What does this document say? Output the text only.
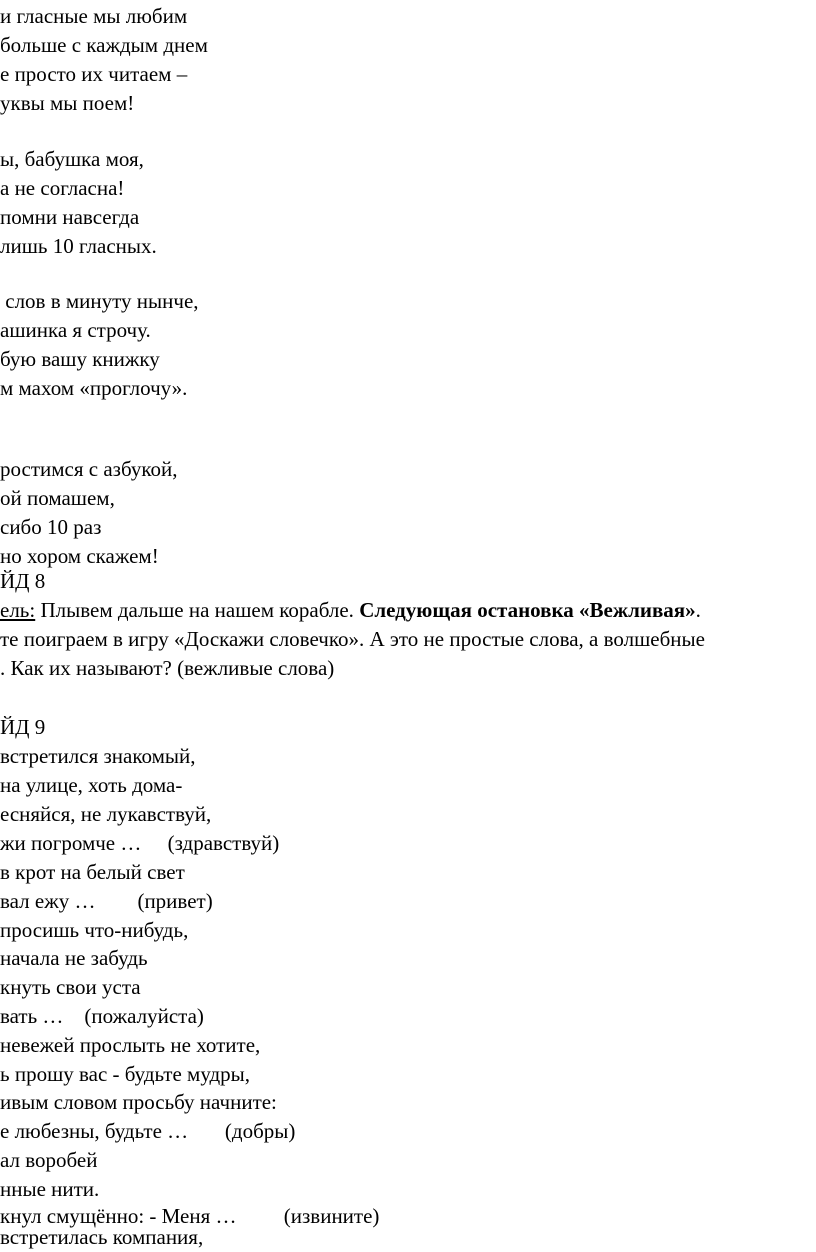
и гласные мы любим
больше с каждым днем
е просто их читаем –
уквы мы поем!
ы, бабушка моя,
а не согласна!
помни навсегда
лишь 10 гласных.
слов в минуту нынче,
ашинка я строчу.
бую вашу книжку
м махом «проглочу».
ростимся с азбукой,
ой помашем,
сибо 10 раз
но хором скажем!
ЙД 8
ель: Плывем дальше на нашем корабле. Следующая остановка «Вежливая».
те поиграем в игру «Доскажи словечко». А это не простые слова, а волшебные
. Как их называют? (вежливые слова)
ЙД 9
встретился знакомый,
на улице, хоть дома-
есняйся, не лукавствуй,
жи погромче …     (здравствуй)
в крот на белый свет
вал ежу …        (привет)
просишь что-нибудь,
начала не забудь
кнуть свои уста
вать …    (пожалуйста)
невежей прослыть не хотите,
ь прошу вас - будьте мудры,
ивым словом просьбу начните:
е любезны, будьте …       (добры)
ал воробей
нные нити.
кнул смущённо: - Меня …         (извините)
встретилась компания,
